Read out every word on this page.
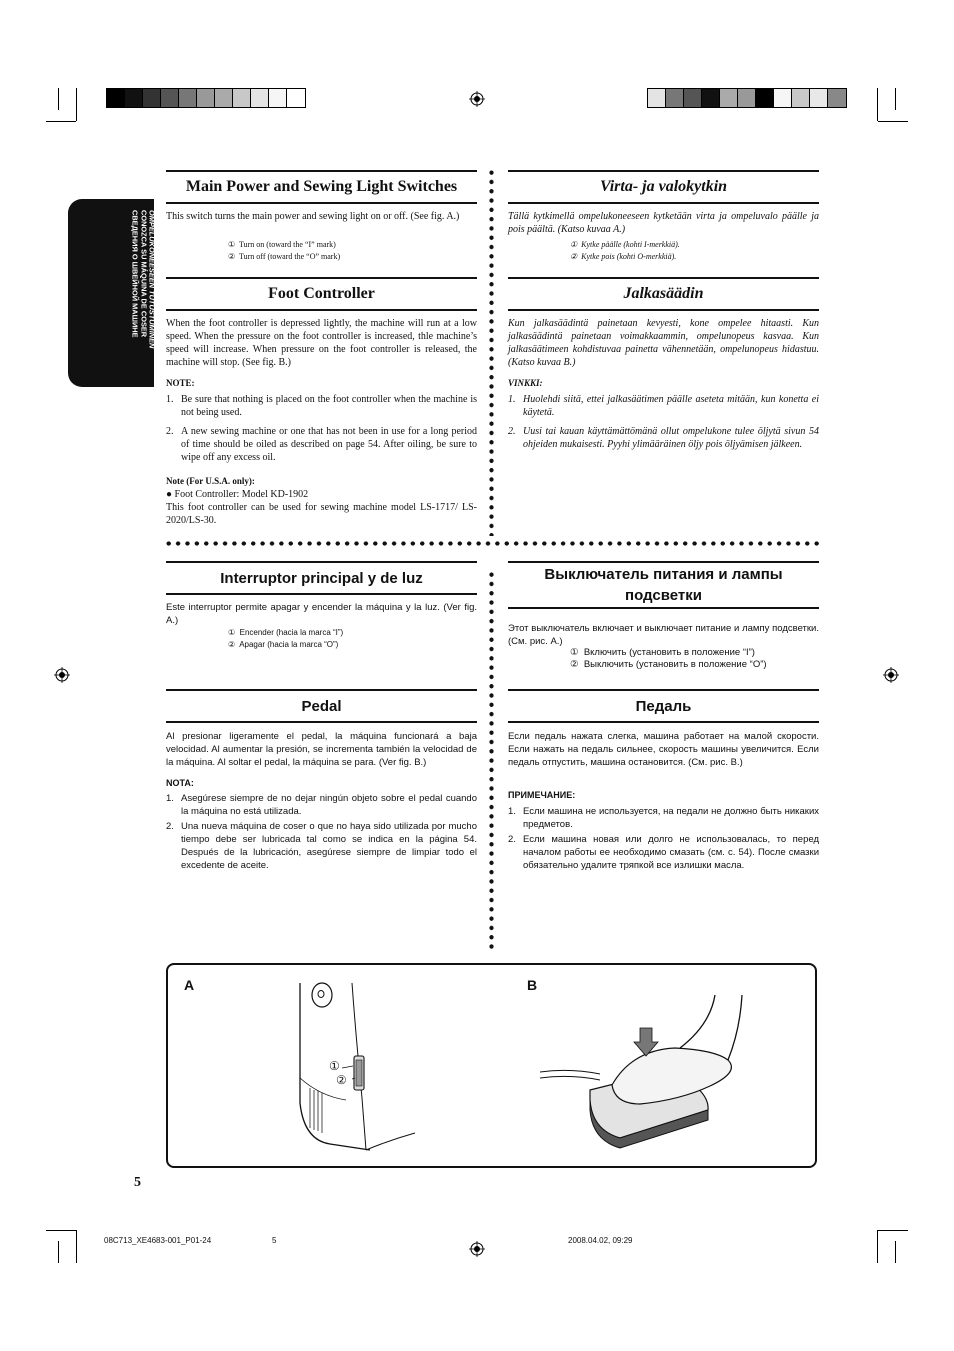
KNOWING YOUR SEWING MACHINE
OMPELUKONEESEEN TUTUSTUMINEN
CONOZCA SU MÁQUINA DE COSER
СВЕДЕНИЯ О ШВЕЙНОЙ МАШИНЕ
Main Power and Sewing Light Switches
This switch turns the main power and sewing light on or off. (See fig. A.)
① Turn on (toward the “I” mark)
② Turn off (toward the “O” mark)
Foot Controller
When the foot controller is depressed lightly, the machine will run at a low speed. When the pressure on the foot controller is increased, thle machine’s speed will increase. When pressure on the foot controller is released, the machine will stop. (See fig. B.)
NOTE:
1. Be sure that nothing is placed on the foot controller when the machine is not being used.
2. A new sewing machine or one that has not been in use for a long period of time should be oiled as described on page 54. After oiling, be sure to wipe off any excess oil.
Note (For U.S.A. only):
● Foot Controller: Model KD-1902
This foot controller can be used for sewing machine model LS-1717/ LS-2020/LS-30.
Virta- ja valokytkin
Tällä kytkimellä ompelukoneeseen kytketään virta ja ompeluvalo päälle ja pois päältä. (Katso kuvaa A.)
① Kytke päälle (kohti I-merkkiä).
② Kytke pois (kohti O-merkkiä).
Jalkasäädin
Kun jalkasäädintä painetaan kevyesti, kone ompelee hitaasti. Kun jalkasäädintä painetaan voimakkaammin, ompelunopeus kasvaa. Kun jalkasäätimeen kohdistuvaa painetta vähennetään, ompelunopeus hidastuu. (Katso kuvaa B.)
VINKKI:
1. Huolehdi siitä, ettei jalkasäätimen päälle aseteta mitään, kun konetta ei käytetä.
2. Uusi tai kauan käyttämättömänä ollut ompelukone tulee öljytä sivun 54 ohjeiden mukaisesti. Pyyhi ylimääräinen öljy pois öljyämisen jälkeen.
Interruptor principal y de luz
Este interruptor permite apagar y encender la máquina y la luz. (Ver fig. A.)
① Encender (hacia la marca “I”)
② Apagar (hacia la marca “O”)
Pedal
Al presionar ligeramente el pedal, la máquina funcionará a baja velocidad. Al aumentar la presión, se incrementa también la velocidad de la máquina. Al soltar el pedal, la máquina se para. (Ver fig. B.)
NOTA:
1. Asegúrese siempre de no dejar ningún objeto sobre el pedal cuando la máquina no está utilizada.
2. Una nueva máquina de coser o que no haya sido utilizada por mucho tiempo debe ser lubricada tal como se indica en la página 54. Después de la lubricación, asegúrese siempre de limpiar todo el excedente de aceite.
Выключатель питания и лампы подсветки
Этот выключатель включает и выключает питание и лампу подсветки. (См. рис. А.)
① Включить (установить в положение “I”)
② Выключить (установить в положение “O”)
Педаль
Если педаль нажата слегка, машина работает на малой скорости. Если нажать на педаль сильнее, скорость машины увеличится. Если педаль отпустить, машина остановится. (См. рис. B.)
ПРИМЕЧАНИЕ:
1. Если машина не используется, на педали не должно быть никаких предметов.
2. Если машина новая или долго не использовалась, то перед началом работы ее необходимо смазать (см. с. 54). После смазки обязательно удалите тряпкой все излишки масла.
A	B
①
②
5
08C713_XE4683-001_P01-24	5	2008.04.02, 09:29
